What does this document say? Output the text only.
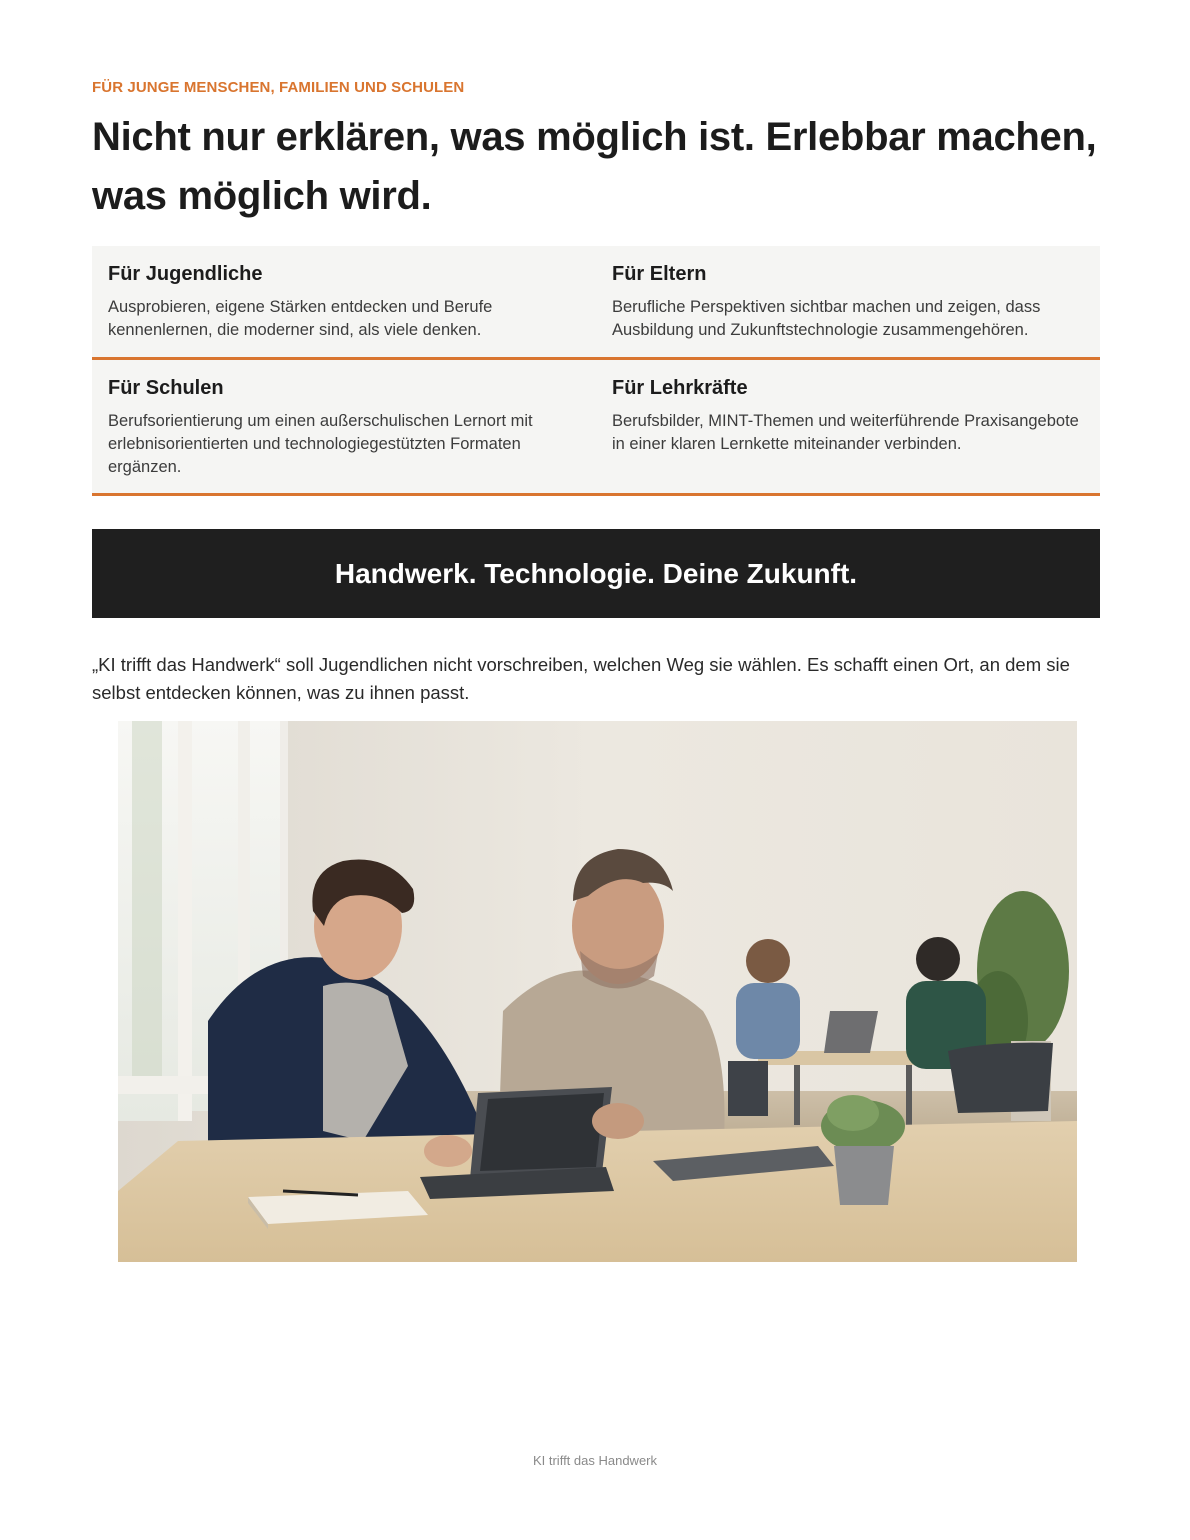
FÜR JUNGE MENSCHEN, FAMILIEN UND SCHULEN
Nicht nur erklären, was möglich ist. Erlebbar machen, was möglich wird.
Für Jugendliche
Ausprobieren, eigene Stärken entdecken und Berufe kennenlernen, die moderner sind, als viele denken.
Für Eltern
Berufliche Perspektiven sichtbar machen und zeigen, dass Ausbildung und Zukunftstechnologie zusammengehören.
Für Schulen
Berufsorientierung um einen außerschulischen Lernort mit erlebnisorientierten und technologiegestützten Formaten ergänzen.
Für Lehrkräfte
Berufsbilder, MINT-Themen und weiterführende Praxisangebote in einer klaren Lernkette miteinander verbinden.
Handwerk. Technologie. Deine Zukunft.

„KI trifft das Handwerk“ soll Jugendlichen nicht vorschreiben, welchen Weg sie wählen. Es schafft einen Ort, an dem sie selbst entdecken können, was zu ihnen passt.

KI trifft das Handwerk
